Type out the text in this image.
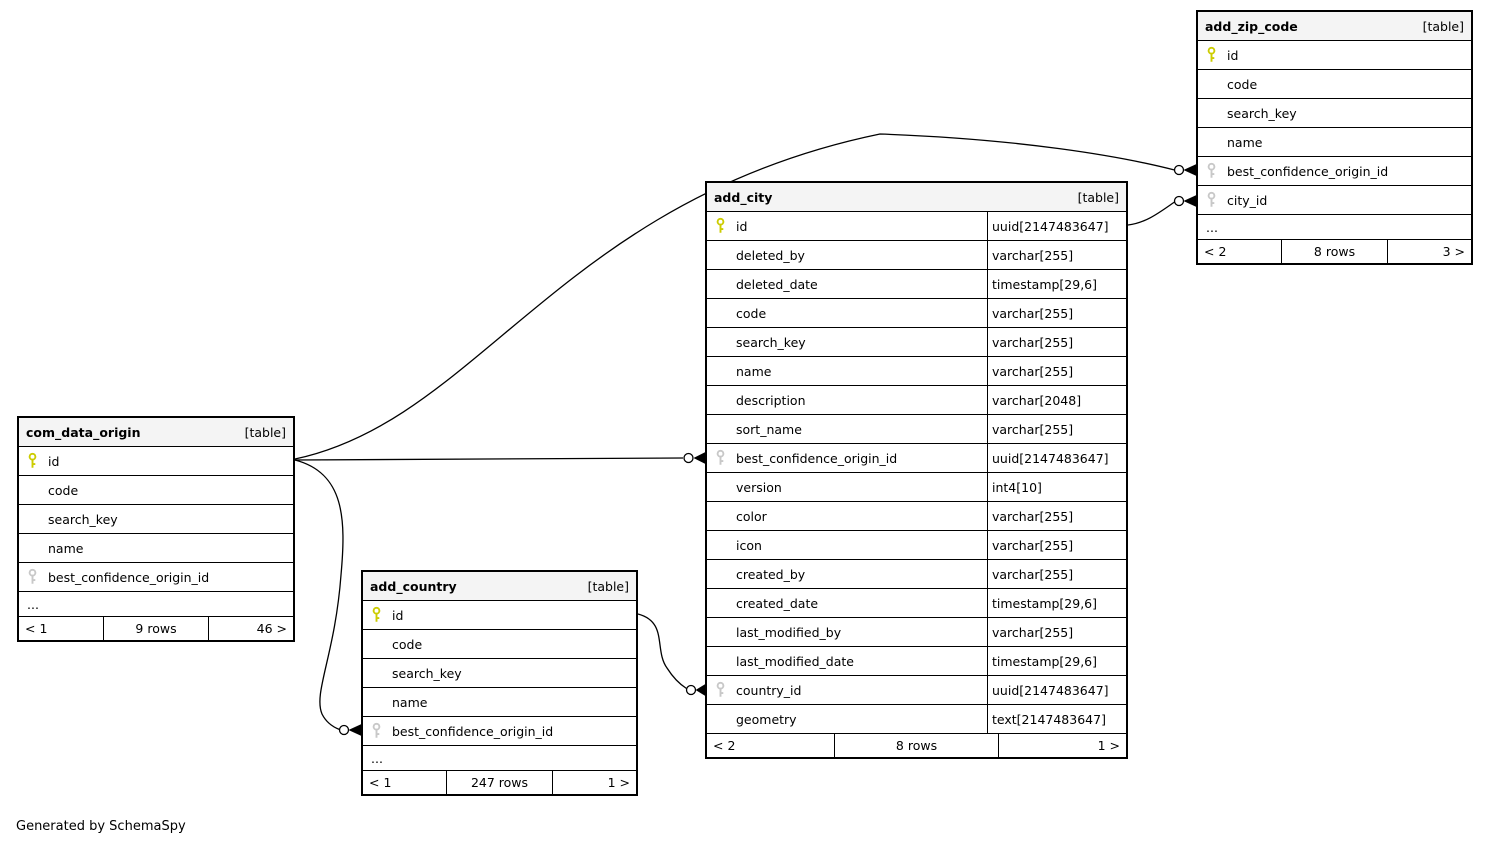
add_zip_code	[table]
id
code
search_key
name
best_confidence_origin_id
city_id
...
< 2	8 rows	3 >
add_city	[table]
id	uuid[2147483647]
deleted_by	varchar[255]
deleted_date	timestamp[29,6]
code	varchar[255]
search_key	varchar[255]
name	varchar[255]
description	varchar[2048]
sort_name	varchar[255]
best_confidence_origin_id	uuid[2147483647]
version	int4[10]
color	varchar[255]
icon	varchar[255]
created_by	varchar[255]
created_date	timestamp[29,6]
last_modified_by	varchar[255]
last_modified_date	timestamp[29,6]
country_id	uuid[2147483647]
geometry	text[2147483647]
< 2	8 rows	1 >
com_data_origin	[table]
id
code
search_key
name
best_confidence_origin_id
...
< 1	9 rows	46 >
add_country	[table]
id
code
search_key
name
best_confidence_origin_id
...
< 1	247 rows	1 >
Generated by SchemaSpy
